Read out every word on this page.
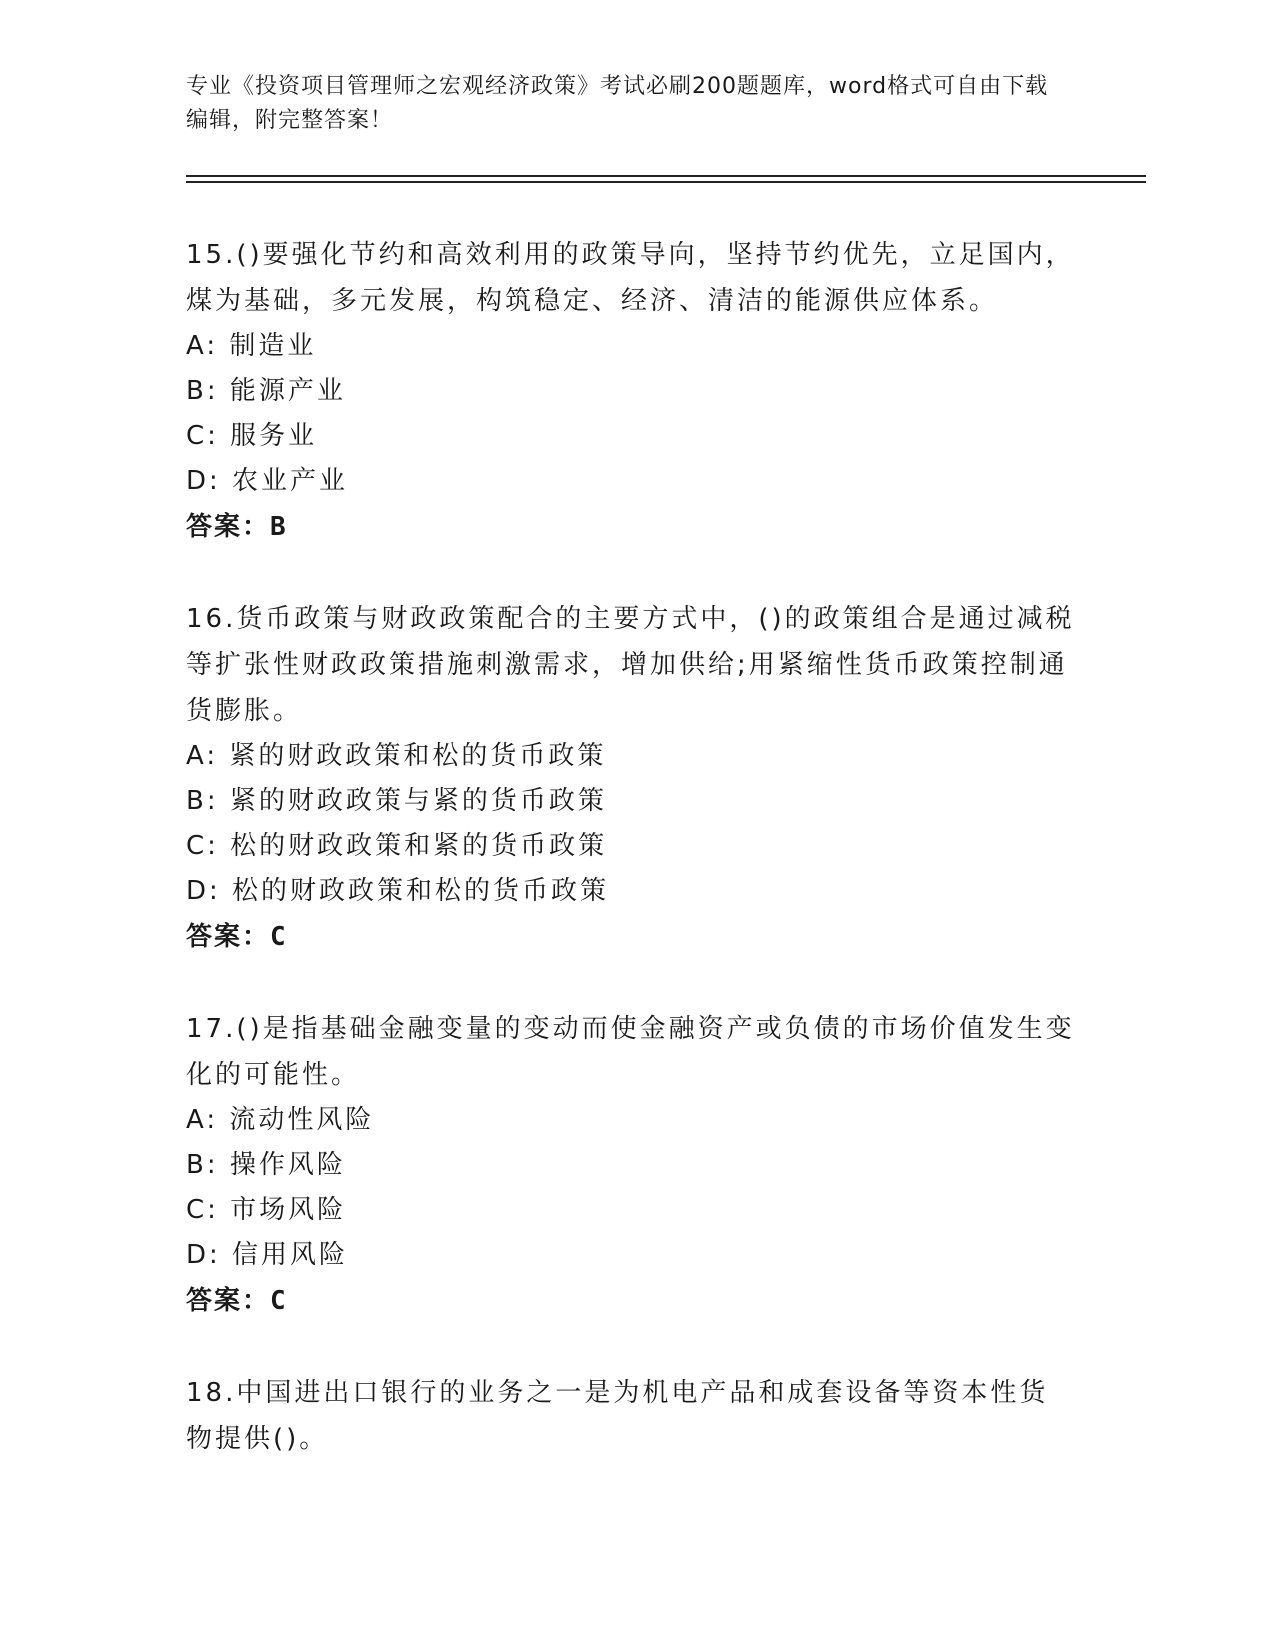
专业《投资项目管理师之宏观经济政策》考试必刷200题题库，word格式可自由下载编辑，附完整答案！

15.()要强化节约和高效利用的政策导向，坚持节约优先，立足国内，煤为基础，多元发展，构筑稳定、经济、清洁的能源供应体系。

A: 制造业

B: 能源产业

C: 服务业

D: 农业产业

答案：B

16.货币政策与财政政策配合的主要方式中，()的政策组合是通过减税等扩张性财政政策措施刺激需求，增加供给;用紧缩性货币政策控制通货膨胀。

A: 紧的财政政策和松的货币政策

B: 紧的财政政策与紧的货币政策

C: 松的财政政策和紧的货币政策

D: 松的财政政策和松的货币政策

答案：C

17.()是指基础金融变量的变动而使金融资产或负债的市场价值发生变化的可能性。

A: 流动性风险

B: 操作风险

C: 市场风险

D: 信用风险

答案：C

18.中国进出口银行的业务之一是为机电产品和成套设备等资本性货物提供()。
